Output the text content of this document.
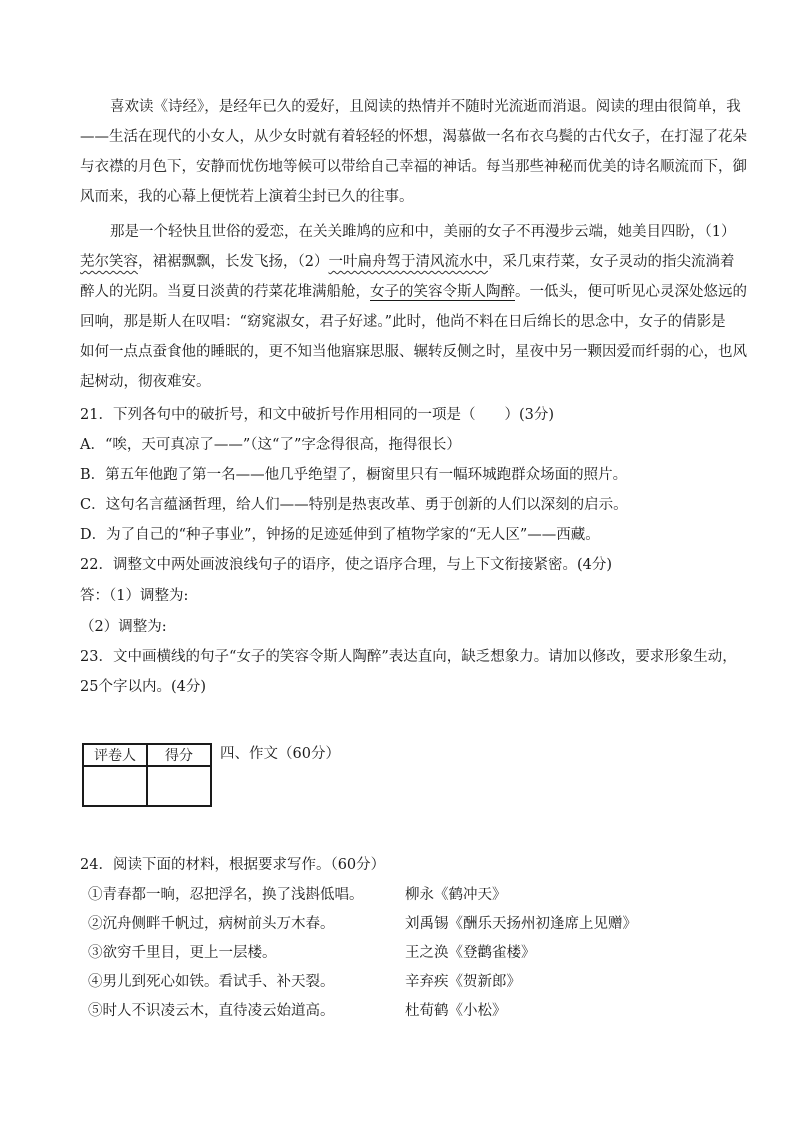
喜欢读《诗经》，是经年已久的爱好，且阅读的热情并不随时光流逝而消退。阅读的理由很简单，我
——生活在现代的小女人，从少女时就有着轻轻的怀想，渴慕做一名布衣乌鬓的古代女子，在打湿了花朵
与衣襟的月色下，安静而忧伤地等候可以带给自己幸福的神话。每当那些神秘而优美的诗名顺流而下，御
风而来，我的心幕上便恍若上演着尘封已久的往事。
那是一个轻快且世俗的爱恋，在关关雎鸠的应和中，美丽的女子不再漫步云端，她美目四盼，（1）
芜尔笑容，裙裾飘飘，长发飞扬，（2）一叶扁舟驾于清风流水中，采几束荇菜，女子灵动的指尖流淌着
醉人的光阴。当夏日淡黄的荇菜花堆满船舱，女子的笑容令斯人陶醉。一低头，便可听见心灵深处悠远的
回响，那是斯人在叹唱：“窈窕淑女，君子好逑。”此时，他尚不料在日后绵长的思念中，女子的倩影是
如何一点点蚕食他的睡眠的，更不知当他寤寐思服、辗转反侧之时，星夜中另一颗因爱而纤弱的心，也风
起树动，彻夜难安。
21．下列各句中的破折号，和文中破折号作用相同的一项是（　　）(3分)
A．“唉，天可真凉了——”（这“了”字念得很高，拖得很长）
B．第五年他跑了第一名——他几乎绝望了，橱窗里只有一幅环城跑群众场面的照片。
C．这句名言蕴涵哲理，给人们——特别是热衷改革、勇于创新的人们以深刻的启示。
D．为了自己的“种子事业”，钟扬的足迹延伸到了植物学家的“无人区”——西藏。
22．调整文中两处画波浪线句子的语序，使之语序合理，与上下文衔接紧密。(4分)
答：（1）调整为:
（2）调整为:
23．文中画横线的句子“女子的笑容令斯人陶醉”表达直向，缺乏想象力。请加以修改，要求形象生动，
25个字以内。(4分)
评卷人	得分
	四、作文（60分）
24．阅读下面的材料，根据要求写作。（60分）
①青春都一晌，忍把浮名，换了浅斟低唱。	柳永《鹤冲天》
②沉舟侧畔千帆过，病树前头万木春。	刘禹锡《酬乐天扬州初逢席上见赠》
③欲穷千里目，更上一层楼。	王之涣《登鹳雀楼》
④男儿到死心如铁。看试手、补天裂。	辛弃疾《贺新郎》
⑤时人不识凌云木，直待凌云始道高。	杜荀鹤《小松》
